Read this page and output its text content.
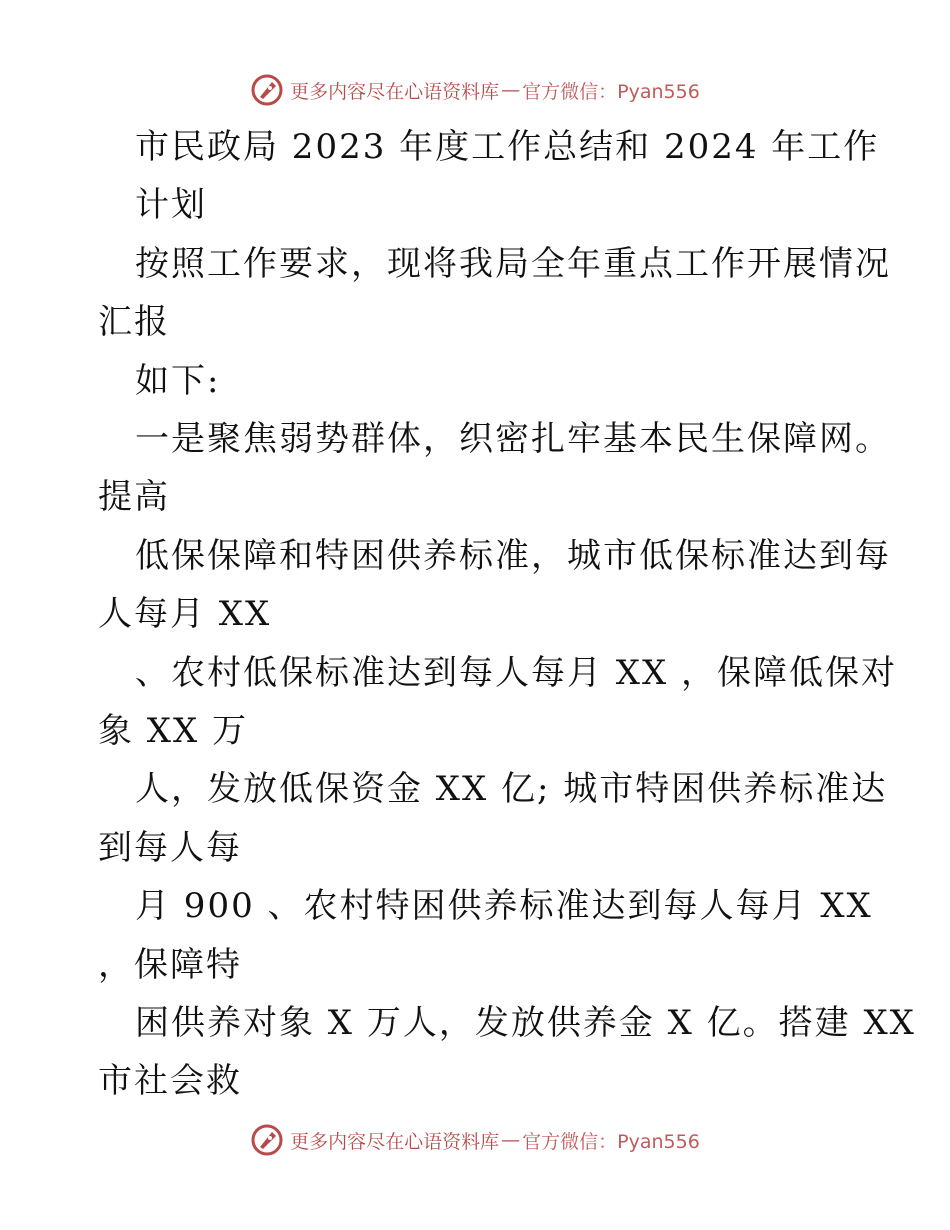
更多内容尽在心语资料库 — 官方微信：Pyan556
市民政局 2023 年度工作总结和 2024 年工作
计划
按照工作要求，现将我局全年重点工作开展情况
汇报
如下:
一是聚焦弱势群体，织密扎牢基本民生保障网。
提高
低保保障和特困供养标准，城市低保标准达到每
人每月 XX
、农村低保标准达到每人每月 XX ，保障低保对
象 XX 万
人，发放低保资金 XX 亿; 城市特困供养标准达
到每人每
月 900 、农村特困供养标准达到每人每月 XX
，保障特
困供养对象 X 万人，发放供养金 X 亿。搭建 XX
市社会救
更多内容尽在心语资料库 — 官方微信：Pyan556
